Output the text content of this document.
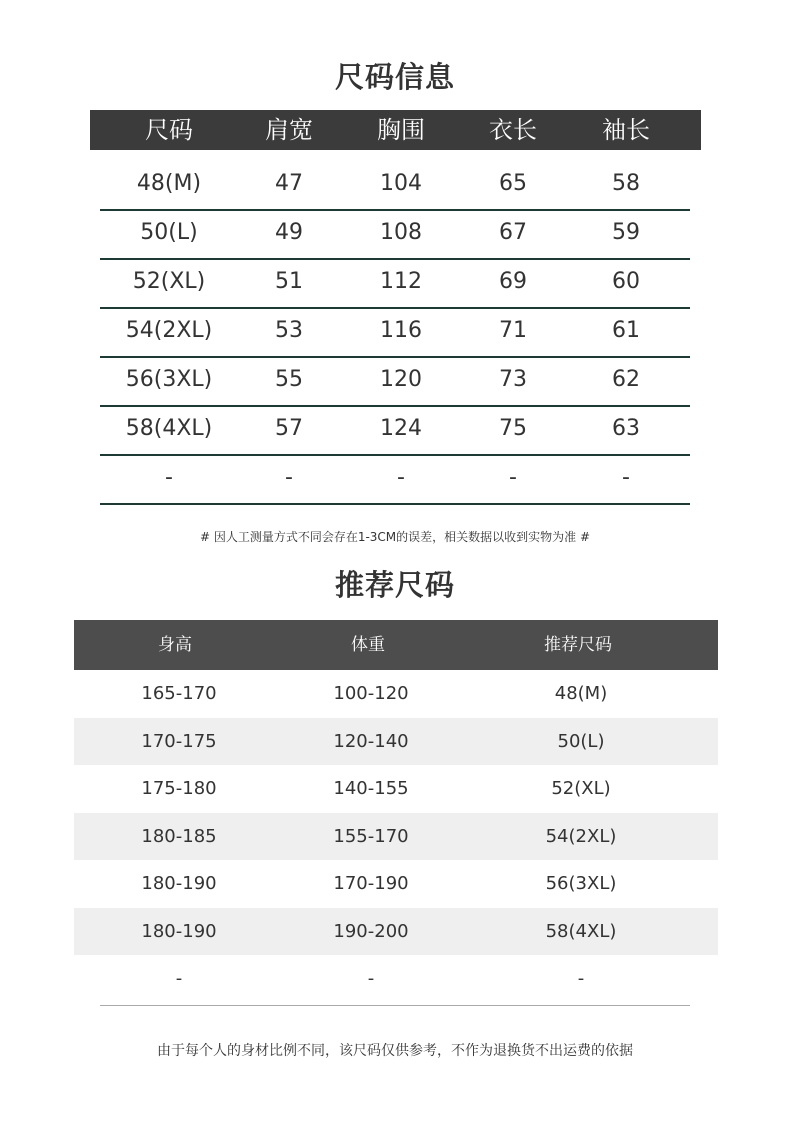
尺码信息
尺码	肩宽	胸围	衣长	袖长
48(M)	47	104	65	58
50(L)	49	108	67	59
52(XL)	51	112	69	60
54(2XL)	53	116	71	61
56(3XL)	55	120	73	62
58(4XL)	57	124	75	63
-	-	-	-	-
# 因人工测量方式不同会存在1-3CM的误差，相关数据以收到实物为准 #
推荐尺码
身高	体重	推荐尺码
165-170	100-120	48(M)
170-175	120-140	50(L)
175-180	140-155	52(XL)
180-185	155-170	54(2XL)
180-190	170-190	56(3XL)
180-190	190-200	58(4XL)
-	-	-
由于每个人的身材比例不同，该尺码仅供参考，不作为退换货不出运费的依据
